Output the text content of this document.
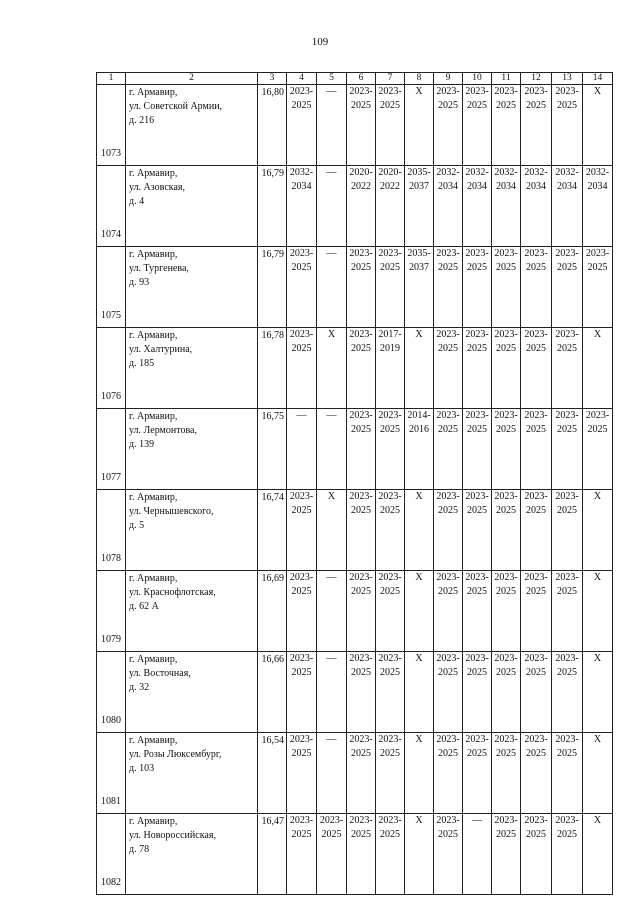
109
1	2	3	4	5	6	7	8	9	10	11	12	13	14
1073	г. Армавир,
ул. Советской Армии,
д. 216	16,80	2023-
2025	—	2023-
2025	2023-
2025	X	2023-
2025	2023-
2025	2023-
2025	2023-
2025	2023-
2025	X

1074	г. Армавир,
ул. Азовская,
д. 4	16,79	2032-
2034	—	2020-
2022	2020-
2022	2035-
2037	2032-
2034	2032-
2034	2032-
2034	2032-
2034	2032-
2034	2032-
2034

1075	г. Армавир,
ул. Тургенева,
д. 93	16,79	2023-
2025	—	2023-
2025	2023-
2025	2035-
2037	2023-
2025	2023-
2025	2023-
2025	2023-
2025	2023-
2025	2023-
2025

1076	г. Армавир,
ул. Халтурина,
д. 185	16,78	2023-
2025	X	2023-
2025	2017-
2019	X	2023-
2025	2023-
2025	2023-
2025	2023-
2025	2023-
2025	X

1077	г. Армавир,
ул. Лермонтова,
д. 139	16,75	—	—	2023-
2025	2023-
2025	2014-
2016	2023-
2025	2023-
2025	2023-
2025	2023-
2025	2023-
2025	2023-
2025

1078	г. Армавир,
ул. Чернышевского,
д. 5	16,74	2023-
2025	X	2023-
2025	2023-
2025	X	2023-
2025	2023-
2025	2023-
2025	2023-
2025	2023-
2025	X

1079	г. Армавир,
ул. Краснофлотская,
д. 62 А	16,69	2023-
2025	—	2023-
2025	2023-
2025	X	2023-
2025	2023-
2025	2023-
2025	2023-
2025	2023-
2025	X

1080	г. Армавир,
ул. Восточная,
д. 32	16,66	2023-
2025	—	2023-
2025	2023-
2025	X	2023-
2025	2023-
2025	2023-
2025	2023-
2025	2023-
2025	X

1081	г. Армавир,
ул. Розы Люксембург,
д. 103	16,54	2023-
2025	—	2023-
2025	2023-
2025	X	2023-
2025	2023-
2025	2023-
2025	2023-
2025	2023-
2025	X

1082	г. Армавир,
ул. Новороссийская,
д. 78	16,47	2023-
2025	2023-
2025	2023-
2025	2023-
2025	X	2023-
2025	—	2023-
2025	2023-
2025	2023-
2025	X
